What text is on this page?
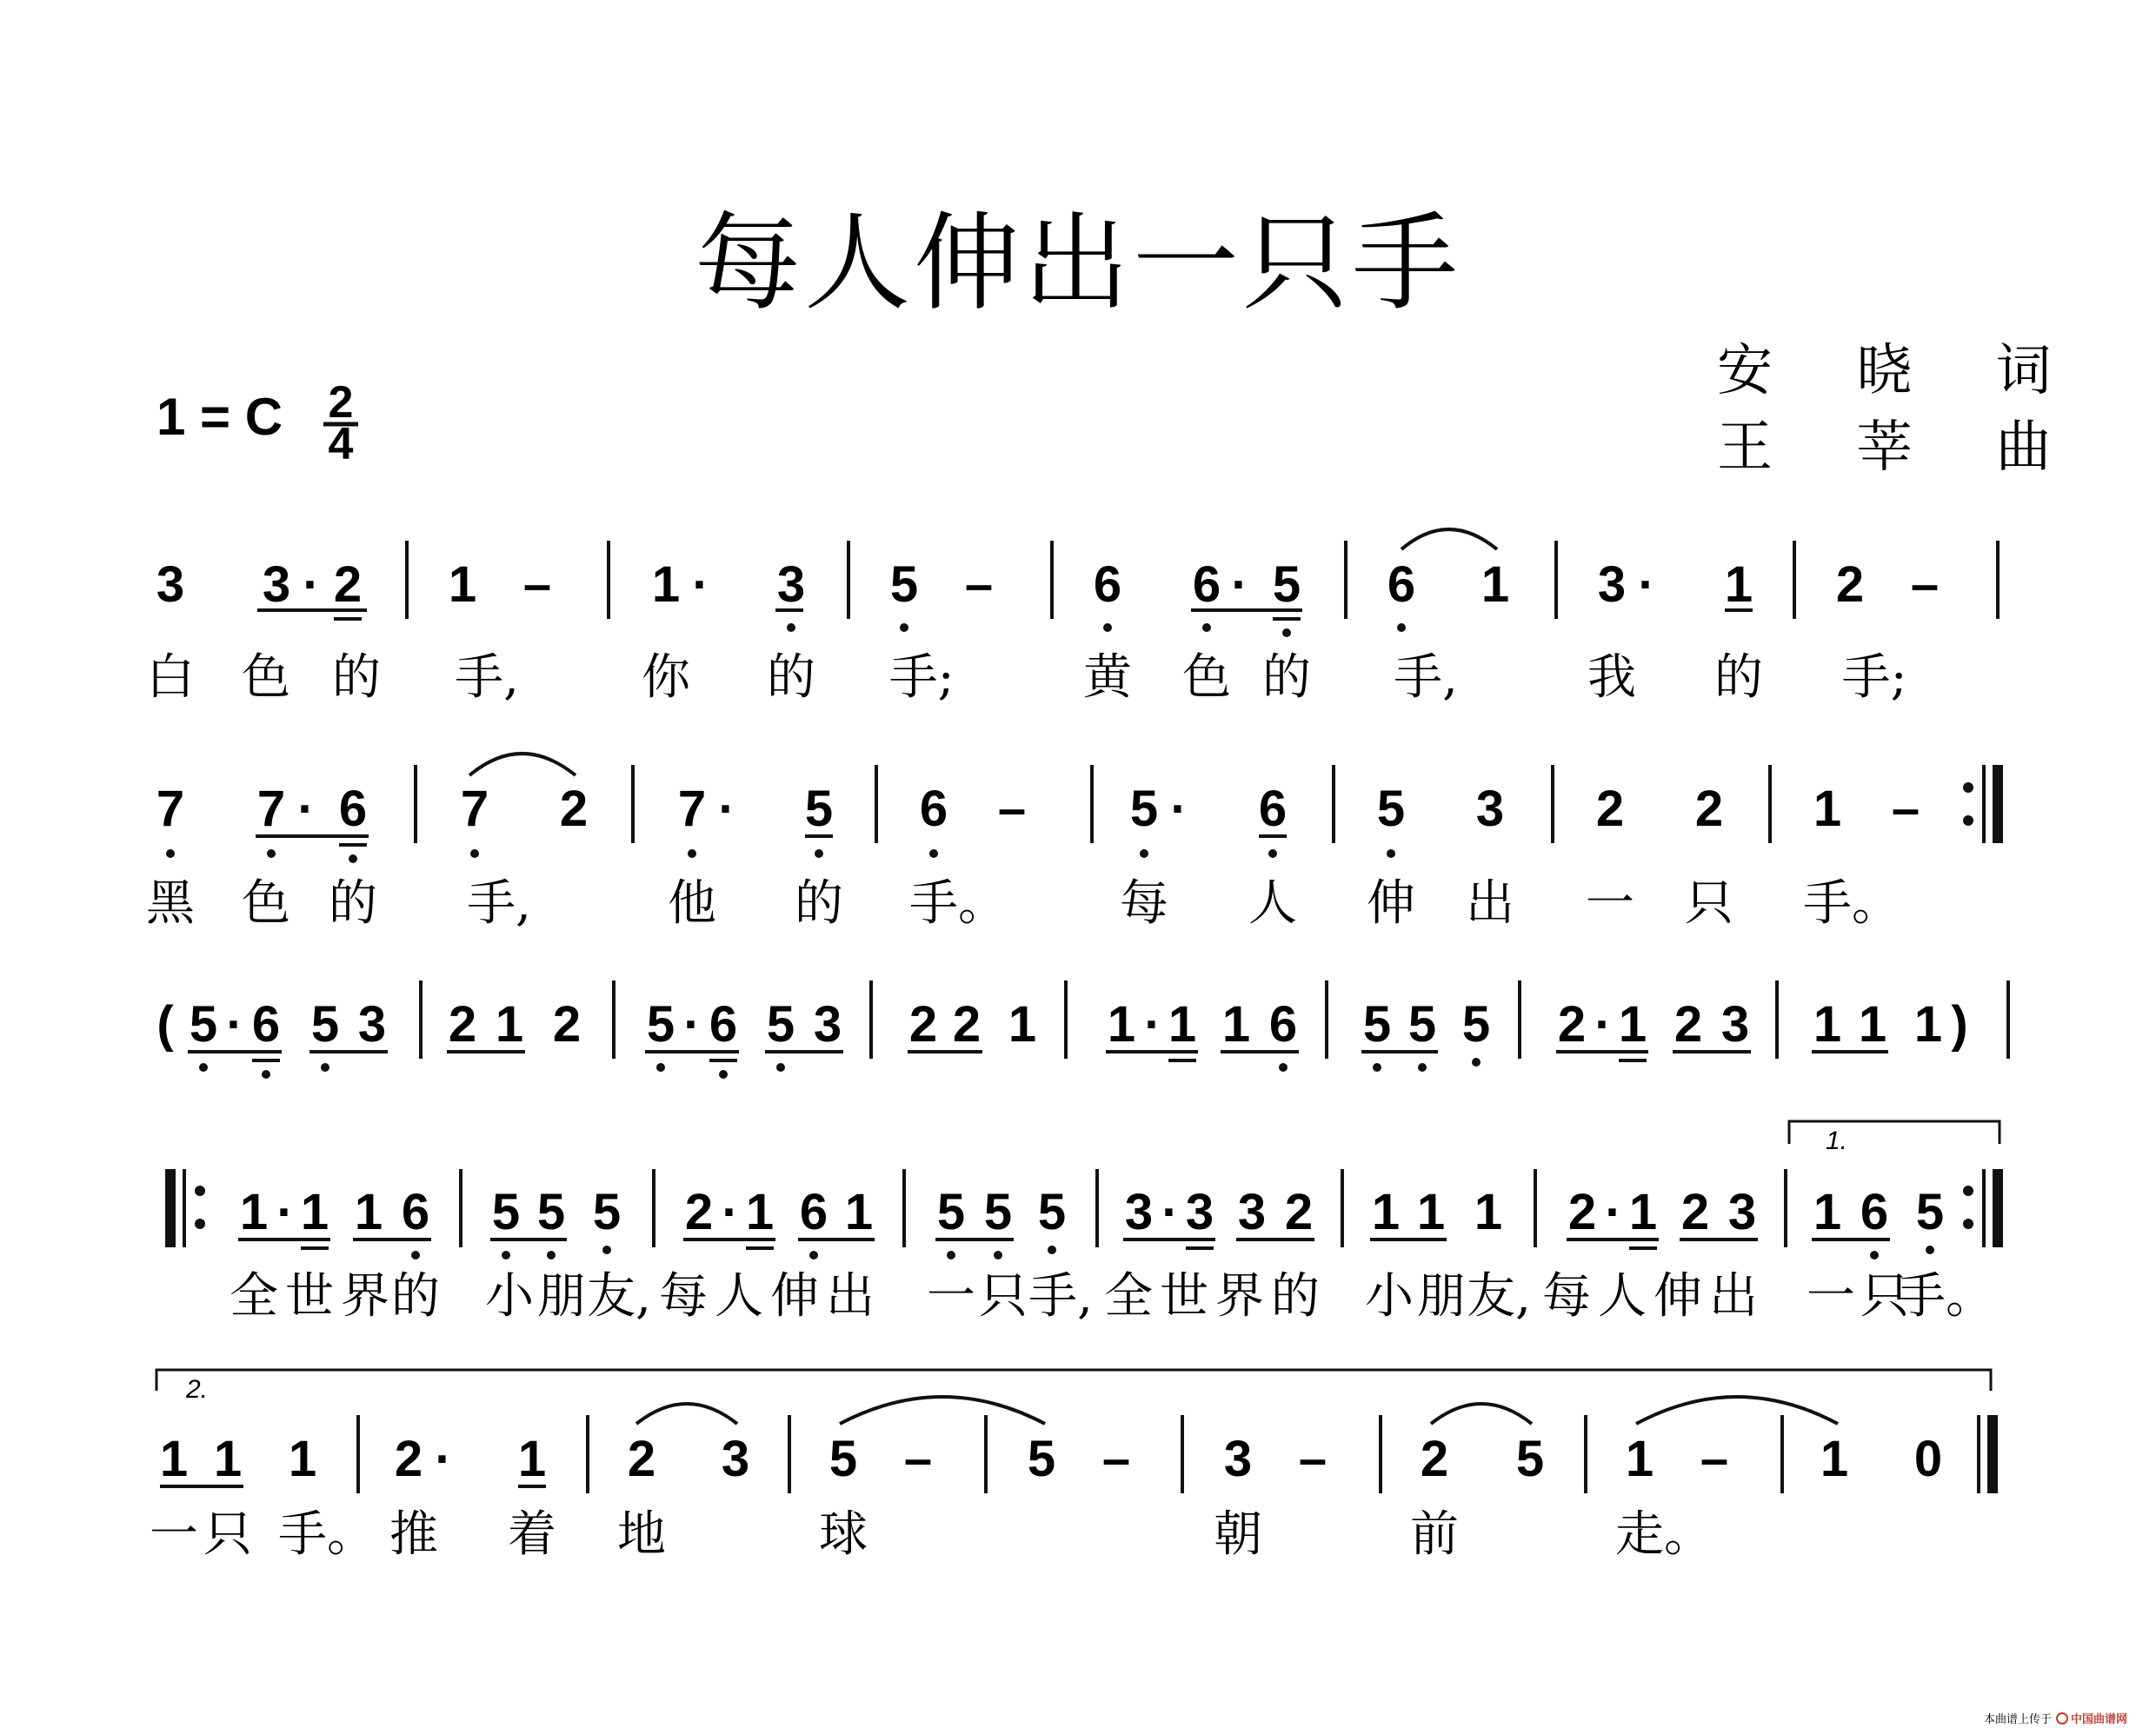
每人伸出一只手
安 晓 词
王 莘 曲
1 = C 2
4
3 3 · 2 1 – 1 · 3 5 – 6 6 · 5 6 1 3 · 1 2 –
白 色 的 手,	你 的 手;	黄 色 的 手,	我 的 手;
7 7 · 6 7 2 7 · 5 6 – 5 · 6 5 3 2 2 1 –
黑 色 的 手,	他 的 手。 每 人 伸 出 一 只 手。
( 5 · 6 5 3 2 1 2 5 · 6 5 3 2 2 1 1 · 1 1 6 5 5 5 2 · 1 2 3 1 1 1 )
1 · 1 1 6 5 5 5 2 · 1 6 1 5 5 5 3 · 3 3 2 1 1 1 2 · 1 2 3 1 6 5
1.
全 世 界 的 小 朋 友, 每 人 伸 出 一 只 手, 全 世 界 的 小 朋 友, 每 人 伸 出 一 只
手。
2.
1 1 1 2 · 1 2 3 5 – 5 – 3 – 2 5 1 – 1 0
一 只 手。 推 着 地	球	朝	前	走。
本曲谱上传于 中国曲谱网
